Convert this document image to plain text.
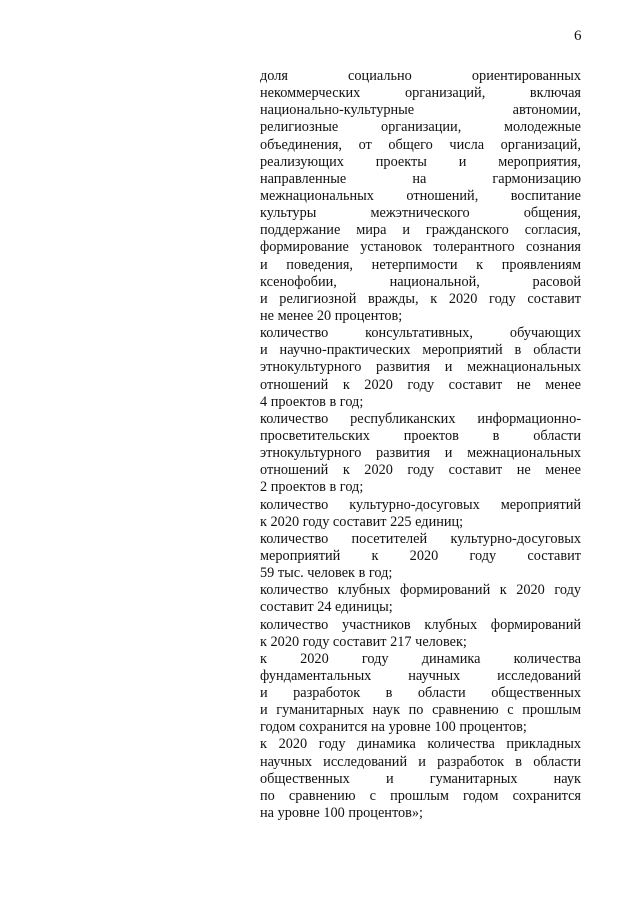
6
доля социально ориентированных
некоммерческих организаций, включая
национально-культурные автономии,
религиозные организации, молодежные
объединения, от общего числа организаций,
реализующих проекты и мероприятия,
направленные на гармонизацию
межнациональных отношений, воспитание
культуры межэтнического общения,
поддержание мира и гражданского согласия,
формирование установок толерантного сознания
и поведения, нетерпимости к проявлениям
ксенофобии, национальной, расовой
и религиозной вражды, к 2020 году составит
не менее 20 процентов;
количество консультативных, обучающих
и научно-практических мероприятий в области
этнокультурного развития и межнациональных
отношений к 2020 году составит не менее
4 проектов в год;
количество республиканских информационно-
просветительских проектов в области
этнокультурного развития и межнациональных
отношений к 2020 году составит не менее
2 проектов в год;
количество культурно-досуговых мероприятий
к 2020 году составит 225 единиц;
количество посетителей культурно-досуговых
мероприятий к 2020 году составит
59 тыс. человек в год;
количество клубных формирований к 2020 году
составит 24 единицы;
количество участников клубных формирований
к 2020 году составит 217 человек;
к 2020 году динамика количества
фундаментальных научных исследований
и разработок в области общественных
и гуманитарных наук по сравнению с прошлым
годом сохранится на уровне 100 процентов;
к 2020 году динамика количества прикладных
научных исследований и разработок в области
общественных и гуманитарных наук
по сравнению с прошлым годом сохранится
на уровне 100 процентов»;
